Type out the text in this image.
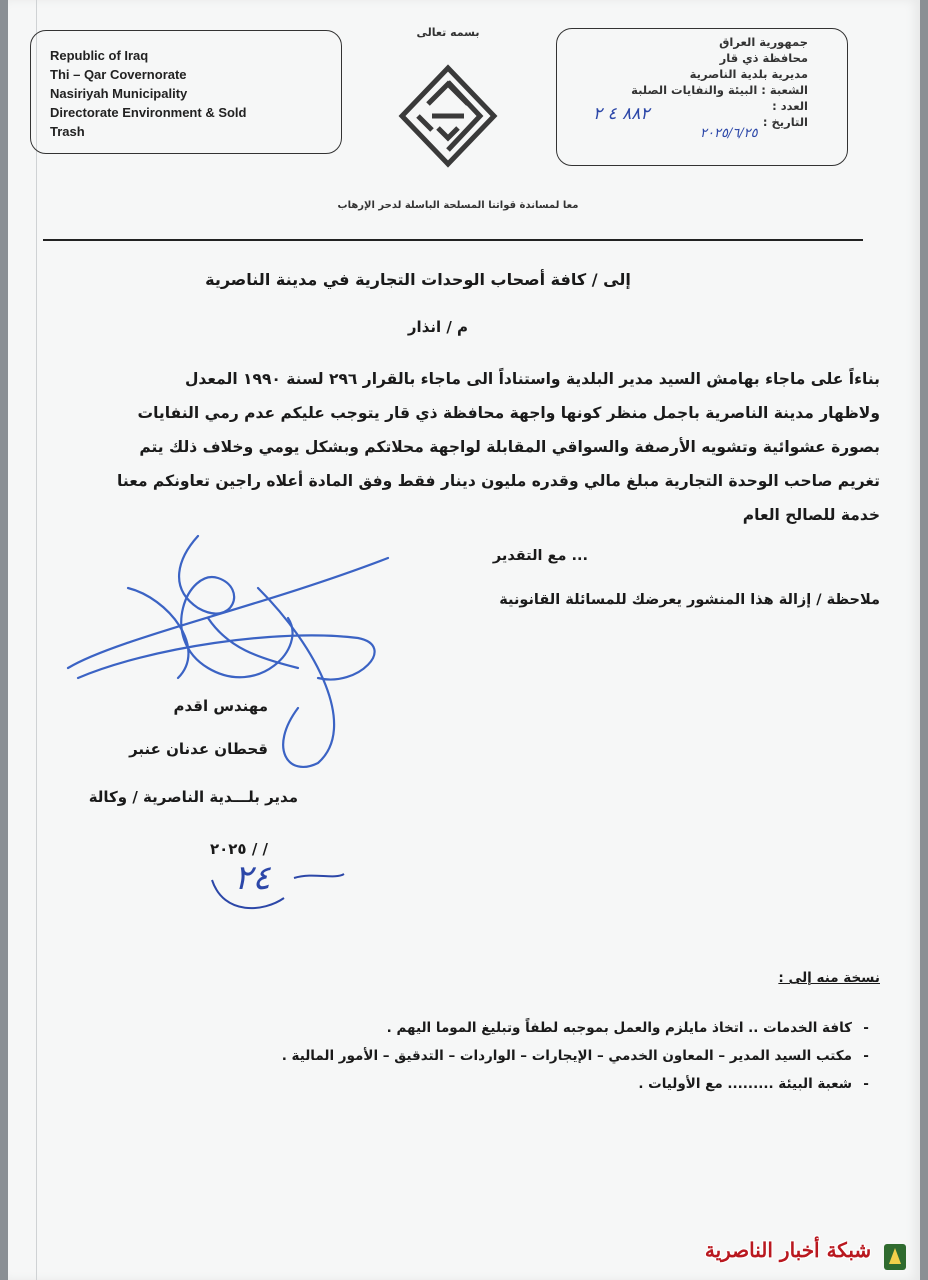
Republic of Iraq
Thi – Qar Covernorate
Nasiriyah Municipality
Directorate Environment & Sold
Trash
جمهورية العراق
محافظة ذي قار
مديرية بلدية الناصرية
الشعبة : البيئة والنفايات الصلبة
العدد :
التاريخ :
٨٨٢ ٤ ٢
٢٠٢٥/٦/٢٥
بسمه تعالى
معا لمساندة قواتنا المسلحة الباسلة لدحر الإرهاب
إلى / كافة أصحاب الوحدات التجارية في مدينة الناصرية
م / انذار
بناءاً على ماجاء بهامش السيد مدير البلدية واستناداً الى ماجاء بالقرار ٢٩٦ لسنة ١٩٩٠ المعدل
ولاظهار مدينة الناصرية باجمل منظر كونها واجهة محافظة ذي قار يتوجب عليكم عدم رمي النفايات
بصورة عشوائية وتشويه الأرصفة والسواقي المقابلة لواجهة محلاتكم وبشكل يومي وخلاف ذلك يتم
تغريم صاحب الوحدة التجارية مبلغ مالي وقدره مليون دينار فقط وفق المادة أعلاه راجين تعاونكم معنا
خدمة للصالح العام
... مع التقدير
ملاحظة / إزالة هذا المنشور يعرضك للمسائلة القانونية
مهندس اقدم
قحطان عدنان عنبر
مدير بلـــدية الناصرية / وكالة
/ / ٢٠٢٥
٢٤
نسخة منه إلى :
- كافة الخدمات .. اتخاذ مايلزم والعمل بموجبه لطفاً وتبليغ الموما اليهم .
- مكتب السيد المدير – المعاون الخدمي – الإيجارات – الواردات – التدقيق – الأمور المالية .
- شعبة البيئة ......... مع الأوليات .
شبكة أخبار الناصرية
